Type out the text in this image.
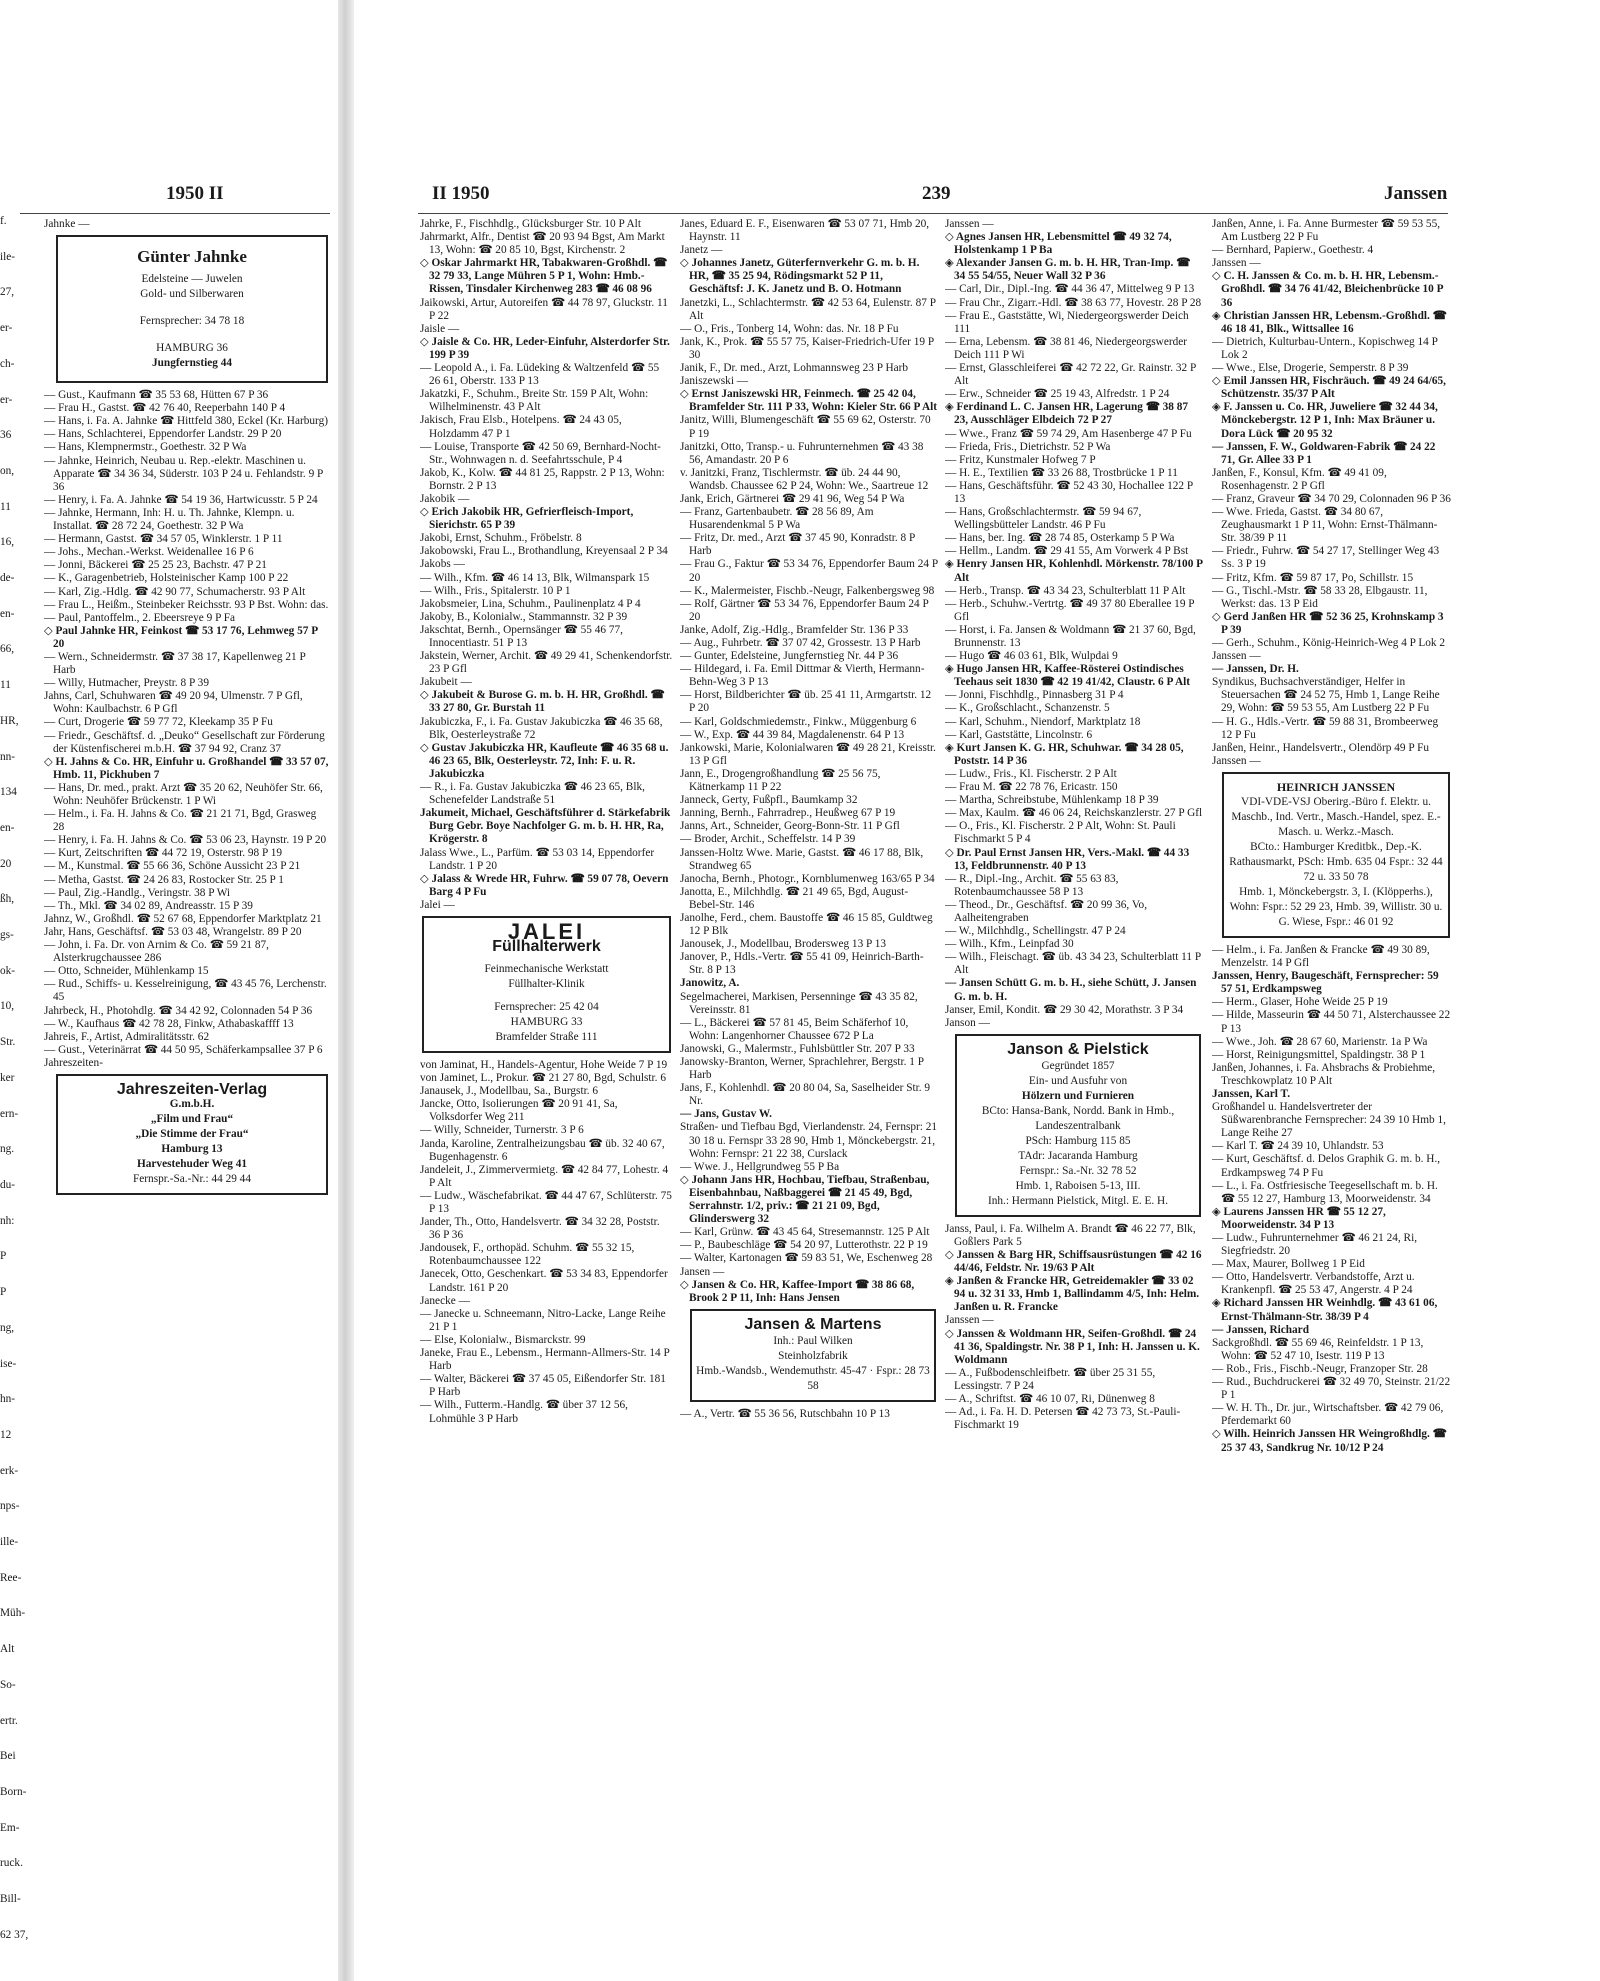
f.
ile-
27,
er-
ch-
er-
36
on,
11
16,
de-
en-
66,
11
HR,
nn-
134
en-
20
ßh,
gs-
ok-
10,
Str.
ker
ern-
ng.
du-
nh:
P
P
ng,
ise-
hn-
12
erk-
nps-
ille-
Ree-
Müh-
Alt
So-
ertr.
Bei
Born-
Em-
ruck.
Bill-
62 37,
1950 II
Jahnke —
Günter Jahnke
Edelsteine — Juwelen
Gold- und Silberwaren
Fernsprecher: 34 78 18
HAMBURG 36
Jungfernstieg 44
— Gust., Kaufmann ☎ 35 53 68, Hütten 67 P 36
— Frau H., Gastst. ☎ 42 76 40, Reeperbahn 140 P 4
— Hans, i. Fa. A. Jahnke ☎ Hittfeld 380, Eckel (Kr. Harburg)
— Hans, Schlachterei, Eppendorfer Landstr. 29 P 20
— Hans, Klempnermstr., Goethestr. 32 P Wa
— Jahnke, Heinrich, Neubau u. Rep.-elektr. Maschinen u. Apparate ☎ 34 36 34, Süderstr. 103 P 24 u. Fehlandstr. 9 P 36
— Henry, i. Fa. A. Jahnke ☎ 54 19 36, Hartwicusstr. 5 P 24
— Jahnke, Hermann, Inh: H. u. Th. Jahnke, Klempn. u. Installat. ☎ 28 72 24, Goethestr. 32 P Wa
— Hermann, Gastst. ☎ 34 57 05, Winklerstr. 1 P 11
— Johs., Mechan.-Werkst. Weidenallee 16 P 6
— Jonni, Bäckerei ☎ 25 25 23, Bachstr. 47 P 21
— K., Garagenbetrieb, Holsteinischer Kamp 100 P 22
— Karl, Zig.-Hdlg. ☎ 42 90 77, Schumacherstr. 93 P Alt
— Frau L., Heißm., Steinbeker Reichsstr. 93 P Bst. Wohn: das.
— Paul, Pantoffelm., 2. Ebeersreye 9 P Fa
◇ Paul Jahnke HR, Feinkost ☎ 53 17 76, Lehmweg 57 P 20
— Wern., Schneidermstr. ☎ 37 38 17, Kapellenweg 21 P Harb
— Willy, Hutmacher, Preystr. 8 P 39
Jahns, Carl, Schuhwaren ☎ 49 20 94, Ulmenstr. 7 P Gfl, Wohn: Kaulbachstr. 6 P Gfl
— Curt, Drogerie ☎ 59 77 72, Kleekamp 35 P Fu
— Friedr., Geschäftsf. d. „Deuko“ Gesellschaft zur Förderung der Küstenfischerei m.b.H. ☎ 37 94 92, Cranz 37
◇ H. Jahns & Co. HR, Einfuhr u. Großhandel ☎ 33 57 07, Hmb. 11, Pickhuben 7
— Hans, Dr. med., prakt. Arzt ☎ 35 20 62, Neuhöfer Str. 66, Wohn: Neuhöfer Brückenstr. 1 P Wi
— Helm., i. Fa. H. Jahns & Co. ☎ 21 21 71, Bgd, Grasweg 28
— Henry, i. Fa. H. Jahns & Co. ☎ 53 06 23, Haynstr. 19 P 20
— Kurt, Zeitschriften ☎ 44 72 19, Osterstr. 98 P 19
— M., Kunstmal. ☎ 55 66 36, Schöne Aussicht 23 P 21
— Metha, Gastst. ☎ 24 26 83, Rostocker Str. 25 P 1
— Paul, Zig.-Handlg., Veringstr. 38 P Wi
— Th., Mkl. ☎ 34 02 89, Andreasstr. 15 P 39
Jahnz, W., Großhdl. ☎ 52 67 68, Eppendorfer Marktplatz 21
Jahr, Hans, Geschäftsf. ☎ 53 03 48, Wrangelstr. 89 P 20
— John, i. Fa. Dr. von Arnim & Co. ☎ 59 21 87, Alsterkrugchaussee 286
— Otto, Schneider, Mühlenkamp 15
— Rud., Schiffs- u. Kesselreinigung, ☎ 43 45 76, Lerchenstr. 45
Jahrbeck, H., Photohdlg. ☎ 34 42 92, Colonnaden 54 P 36
— W., Kaufhaus ☎ 42 78 28, Finkw, Athabaskaffff 13
Jahreis, F., Artist, Admiralitätsstr. 62
— Gust., Veterinärrat ☎ 44 50 95, Schäferkampsallee 37 P 6
Jahreszeiten-
Jahreszeiten-Verlag
G.m.b.H.
„Film und Frau“
„Die Stimme der Frau“
Hamburg 13
Harvestehuder Weg 41
Fernspr.-Sa.-Nr.: 44 29 44
II 1950	239	Janssen
Jahrke, F., Fischhdlg., Glücksburger Str. 10 P Alt
Jahrmarkt, Alfr., Dentist ☎ 20 93 94 Bgst, Am Markt 13, Wohn: ☎ 20 85 10, Bgst, Kirchenstr. 2
◇ Oskar Jahrmarkt HR, Tabakwaren-Großhdl. ☎ 32 79 33, Lange Mühren 5 P 1, Wohn: Hmb.-Rissen, Tinsdaler Kirchenweg 283 ☎ 46 08 96
Jaikowski, Artur, Autoreifen ☎ 44 78 97, Gluckstr. 11 P 22
Jaisle —
◇ Jaisle & Co. HR, Leder-Einfuhr, Alsterdorfer Str. 199 P 39
— Leopold A., i. Fa. Lüdeking & Waltzenfeld ☎ 55 26 61, Oberstr. 133 P 13
Jakatzki, F., Schuhm., Breite Str. 159 P Alt, Wohn: Wilhelminenstr. 43 P Alt
Jakisch, Frau Elsb., Hotelpens. ☎ 24 43 05, Holzdamm 47 P 1
— Louise, Transporte ☎ 42 50 69, Bernhard-Nocht-Str., Wohnwagen n. d. Seefahrtsschule, P 4
Jakob, K., Kolw. ☎ 44 81 25, Rappstr. 2 P 13, Wohn: Bornstr. 2 P 13
Jakobik —
◇ Erich Jakobik HR, Gefrierfleisch-Import, Sierichstr. 65 P 39
Jakobi, Ernst, Schuhm., Fröbelstr. 8
Jakobowski, Frau L., Brothandlung, Kreyensaal 2 P 34
Jakobs —
— Wilh., Kfm. ☎ 46 14 13, Blk, Wilmanspark 15
— Wilh., Fris., Spitalerstr. 10 P 1
Jakobsmeier, Lina, Schuhm., Paulinenplatz 4 P 4
Jakoby, B., Kolonialw., Stammannstr. 32 P 39
Jakschtat, Bernh., Opernsänger ☎ 55 46 77, Innocentiastr. 51 P 13
Jakstein, Werner, Archit. ☎ 49 29 41, Schenkendorfstr. 23 P Gfl
Jakubeit —
◇ Jakubeit & Burose G. m. b. H. HR, Großhdl. ☎ 33 27 80, Gr. Burstah 11
Jakubiczka, F., i. Fa. Gustav Jakubiczka ☎ 46 35 68, Blk, Oesterleystraße 72
◇ Gustav Jakubiczka HR, Kaufleute ☎ 46 35 68 u. 46 23 65, Blk, Oesterleystr. 72, Inh: F. u. R. Jakubiczka
— R., i. Fa. Gustav Jakubiczka ☎ 46 23 65, Blk, Schenefelder Landstraße 51
Jakumeit, Michael, Geschäftsführer d. Stärkefabrik Burg Gebr. Boye Nachfolger G. m. b. H. HR, Ra, Krögerstr. 8
Jalass Wwe., L., Parfüm. ☎ 53 03 14, Eppendorfer Landstr. 1 P 20
◇ Jalass & Wrede HR, Fuhrw. ☎ 59 07 78, Oevern Barg 4 P Fu
Jalei —
JALEI
Füllhalterwerk
Feinmechanische Werkstatt
Füllhalter-Klinik
Fernsprecher: 25 42 04
HAMBURG 33
Bramfelder Straße 111
von Jaminat, H., Handels-Agentur, Hohe Weide 7 P 19
von Jaminet, L., Prokur. ☎ 21 27 80, Bgd, Schulstr. 6
Janausek, J., Modellbau, Sa., Burgstr. 6
Jancke, Otto, Isolierungen ☎ 20 91 41, Sa, Volksdorfer Weg 211
— Willy, Schneider, Turnerstr. 3 P 6
Janda, Karoline, Zentralheizungsbau ☎ üb. 32 40 67, Bugenhagenstr. 6
Jandeleit, J., Zimmervermietg. ☎ 42 84 77, Lohestr. 4 P Alt
— Ludw., Wäschefabrikat. ☎ 44 47 67, Schlüterstr. 75 P 13
Jander, Th., Otto, Handelsvertr. ☎ 34 32 28, Poststr. 36 P 36
Jandousek, F., orthopäd. Schuhm. ☎ 55 32 15, Rotenbaumchaussee 122
Janecek, Otto, Geschenkart. ☎ 53 34 83, Eppendorfer Landstr. 161 P 20
Janecke —
— Janecke u. Schneemann, Nitro-Lacke, Lange Reihe 21 P 1
— Else, Kolonialw., Bismarckstr. 99
Janeke, Frau E., Lebensm., Hermann-Allmers-Str. 14 P Harb
— Walter, Bäckerei ☎ 37 45 05, Eißendorfer Str. 181 P Harb
— Wilh., Futterm.-Handlg. ☎ über 37 12 56, Lohmühle 3 P Harb
Janes, Eduard E. F., Eisenwaren ☎ 53 07 71, Hmb 20, Haynstr. 11
Janetz —
◇ Johannes Janetz, Güterfernverkehr G. m. b. H. HR, ☎ 35 25 94, Rödingsmarkt 52 P 11, Geschäftsf: J. K. Janetz und B. O. Hotmann
Janetzki, L., Schlachtermstr. ☎ 42 53 64, Eulenstr. 87 P Alt
— O., Fris., Tonberg 14, Wohn: das. Nr. 18 P Fu
Jank, K., Prok. ☎ 55 57 75, Kaiser-Friedrich-Ufer 19 P 30
Janik, F., Dr. med., Arzt, Lohmannsweg 23 P Harb
Janiszewski —
◇ Ernst Janiszewski HR, Feinmech. ☎ 25 42 04, Bramfelder Str. 111 P 33, Wohn: Kieler Str. 66 P Alt
Janitz, Willi, Blumengeschäft ☎ 55 69 62, Osterstr. 70 P 19
Janitzki, Otto, Transp.- u. Fuhrunternehmen ☎ 43 38 56, Amandastr. 20 P 6
v. Janitzki, Franz, Tischlermstr. ☎ üb. 24 44 90, Wandsb. Chaussee 62 P 24, Wohn: We., Saartreue 12
Jank, Erich, Gärtnerei ☎ 29 41 96, Weg 54 P Wa
— Franz, Gartenbaubetr. ☎ 28 56 89, Am Husarendenkmal 5 P Wa
— Fritz, Dr. med., Arzt ☎ 37 45 90, Konradstr. 8 P Harb
— Frau G., Faktur ☎ 53 34 76, Eppendorfer Baum 24 P 20
— K., Malermeister, Fischb.-Neugr, Falkenbergsweg 98
— Rolf, Gärtner ☎ 53 34 76, Eppendorfer Baum 24 P 20
Janke, Adolf, Zig.-Hdlg., Bramfelder Str. 136 P 33
— Aug., Fuhrbetr. ☎ 37 07 42, Grossestr. 13 P Harb
— Gunter, Edelsteine, Jungfernstieg Nr. 44 P 36
— Hildegard, i. Fa. Emil Dittmar & Vierth, Hermann-Behn-Weg 3 P 13
— Horst, Bildberichter ☎ üb. 25 41 11, Armgartstr. 12 P 20
— Karl, Goldschmiedemstr., Finkw., Müggenburg 6
— W., Exp. ☎ 44 39 84, Magdalenenstr. 64 P 13
Jankowski, Marie, Kolonialwaren ☎ 49 28 21, Kreisstr. 13 P Gfl
Jann, E., Drogengroßhandlung ☎ 25 56 75, Kätnerkamp 11 P 22
Janneck, Gerty, Fußpfl., Baumkamp 32
Janning, Bernh., Fahrradrep., Heußweg 67 P 19
Janns, Art., Schneider, Georg-Bonn-Str. 11 P Gfl
— Broder, Archit., Scheffelstr. 14 P 39
Janssen-Holtz Wwe. Marie, Gastst. ☎ 46 17 88, Blk, Strandweg 65
Janocha, Bernh., Photogr., Kornblumenweg 163/65 P 34
Janotta, E., Milchhdlg. ☎ 21 49 65, Bgd, August-Bebel-Str. 146
Janolhe, Ferd., chem. Baustoffe ☎ 46 15 85, Guldtweg 12 P Blk
Janousek, J., Modellbau, Brodersweg 13 P 13
Janover, P., Hdls.-Vertr. ☎ 55 41 09, Heinrich-Barth-Str. 8 P 13
Janowitz, A.
Segelmacherei, Markisen, Persenninge ☎ 43 35 82, Vereinsstr. 81
— L., Bäckerei ☎ 57 81 45, Beim Schäferhof 10, Wohn: Langenhorner Chaussee 672 P La
Janowski, G., Malermstr., Fuhlsbüttler Str. 207 P 33
Janowsky-Branton, Werner, Sprachlehrer, Bergstr. 1 P Harb
Jans, F., Kohlenhdl. ☎ 20 80 04, Sa, Saselheider Str. 9 Nr.
— Jans, Gustav W.
Straßen- und Tiefbau Bgd, Vierlandenstr. 24, Fernspr: 21 30 18 u. Fernspr 33 28 90, Hmb 1, Mönckebergstr. 21, Wohn: Fernspr: 21 22 38, Curslack
— Wwe. J., Hellgrundweg 55 P Ba
◇ Johann Jans HR, Hochbau, Tiefbau, Straßenbau, Eisenbahnbau, Naßbaggerei ☎ 21 45 49, Bgd, Serrahnstr. 1/2, priv.: ☎ 21 21 09, Bgd, Glinderswerg 32
— Karl, Grünw. ☎ 43 45 64, Stresemannstr. 125 P Alt
— P., Baubeschläge ☎ 54 20 97, Lutterothstr. 22 P 19
— Walter, Kartonagen ☎ 59 83 51, We, Eschenweg 28
Jansen —
◇ Jansen & Co. HR, Kaffee-Import ☎ 38 86 68, Brook 2 P 11, Inh: Hans Jensen
Jansen & Martens
Inh.: Paul Wilken
Steinholzfabrik
Hmb.-Wandsb., Wendemuthstr. 45-47 · Fspr.: 28 73 58
— A., Vertr. ☎ 55 36 56, Rutschbahn 10 P 13
Janssen —
◇ Agnes Jansen HR, Lebensmittel ☎ 49 32 74, Holstenkamp 1 P Ba
◈ Alexander Jansen G. m. b. H. HR, Tran-Imp. ☎ 34 55 54/55, Neuer Wall 32 P 36
— Carl, Dir., Dipl.-Ing. ☎ 44 36 47, Mittelweg 9 P 13
— Frau Chr., Zigarr.-Hdl. ☎ 38 63 77, Hovestr. 28 P 28
— Frau E., Gaststätte, Wi, Niedergeorgswerder Deich 111
— Erna, Lebensm. ☎ 38 81 46, Niedergeorgswerder Deich 111 P Wi
— Ernst, Glasschleiferei ☎ 42 72 22, Gr. Rainstr. 32 P Alt
— Erw., Schneider ☎ 25 19 43, Alfredstr. 1 P 24
◈ Ferdinand L. C. Jansen HR, Lagerung ☎ 38 87 23, Ausschläger Elbdeich 72 P 27
— Wwe., Franz ☎ 59 74 29, Am Hasenberge 47 P Fu
— Frieda, Fris., Dietrichstr. 52 P Wa
— Fritz, Kunstmaler Hofweg 7 P
— H. E., Textilien ☎ 33 26 88, Trostbrücke 1 P 11
— Hans, Geschäftsführ. ☎ 52 43 30, Hochallee 122 P 13
— Hans, Großschlachtermstr. ☎ 59 94 67, Wellingsbütteler Landstr. 46 P Fu
— Hans, ber. Ing. ☎ 28 74 85, Osterkamp 5 P Wa
— Hellm., Landm. ☎ 29 41 55, Am Vorwerk 4 P Bst
◈ Henry Jansen HR, Kohlenhdl. Mörkenstr. 78/100 P Alt
— Herb., Transp. ☎ 43 34 23, Schulterblatt 11 P Alt
— Herb., Schuhw.-Vertrtg. ☎ 49 37 80 Eberallee 19 P Gfl
— Horst, i. Fa. Jansen & Woldmann ☎ 21 37 60, Bgd, Brunnenstr. 13
— Hugo ☎ 46 03 61, Blk, Wulpdai 9
◈ Hugo Jansen HR, Kaffee-Rösterei Ostindisches Teehaus seit 1830 ☎ 42 19 41/42, Claustr. 6 P Alt
— Jonni, Fischhdlg., Pinnasberg 31 P 4
— K., Großschlacht., Schanzenstr. 5
— Karl, Schuhm., Niendorf, Marktplatz 18
— Karl, Gaststätte, Lincolnstr. 6
◈ Kurt Jansen K. G. HR, Schuhwar. ☎ 34 28 05, Poststr. 14 P 36
— Ludw., Fris., Kl. Fischerstr. 2 P Alt
— Frau M. ☎ 22 78 76, Ericastr. 150
— Martha, Schreibstube, Mühlenkamp 18 P 39
— Max, Kaulm. ☎ 46 06 24, Reichskanzlerstr. 27 P Gfl
— O., Fris., Kl. Fischerstr. 2 P Alt, Wohn: St. Pauli Fischmarkt 5 P 4
◇ Dr. Paul Ernst Jansen HR, Vers.-Makl. ☎ 44 33 13, Feldbrunnenstr. 40 P 13
— R., Dipl.-Ing., Archit. ☎ 55 63 83, Rotenbaumchaussee 58 P 13
— Theod., Dr., Geschäftsf. ☎ 20 99 36, Vo, Aalheitengraben
— W., Milchhdlg., Schellingstr. 47 P 24
— Wilh., Kfm., Leinpfad 30
— Wilh., Fleischagt. ☎ üb. 43 34 23, Schulterblatt 11 P Alt
— Jansen Schütt G. m. b. H., siehe Schütt, J. Jansen G. m. b. H.
Janser, Emil, Kondit. ☎ 29 30 42, Morathstr. 3 P 34
Janson —
Janson & Pielstick
Gegründet 1857
Ein- und Ausfuhr von
Hölzern und Furnieren
BCto: Hansa-Bank, Nordd. Bank in Hmb., Landeszentralbank
PSch: Hamburg 115 85
TAdr: Jacaranda Hamburg
Fernspr.: Sa.-Nr. 32 78 52
Hmb. 1, Raboisen 5-13, III.
Inh.: Hermann Pielstick, Mitgl. E. E. H.
Janss, Paul, i. Fa. Wilhelm A. Brandt ☎ 46 22 77, Blk, Goßlers Park 5
◇ Janssen & Barg HR, Schiffsausrüstungen ☎ 42 16 44/46, Feldstr. Nr. 19/63 P Alt
◈ Janßen & Francke HR, Getreidemakler ☎ 33 02 94 u. 32 31 33, Hmb 1, Ballindamm 4/5, Inh: Helm. Janßen u. R. Francke
Janssen —
◇ Janssen & Woldmann HR, Seifen-Großhdl. ☎ 24 41 36, Spaldingstr. Nr. 38 P 1, Inh: H. Janssen u. K. Woldmann
— A., Fußbodenschleifbetr. ☎ über 25 31 55, Lessingstr. 7 P 24
— A., Schriftst. ☎ 46 10 07, Ri, Dünenweg 8
— Ad., i. Fa. H. D. Petersen ☎ 42 73 73, St.-Pauli-Fischmarkt 19
Janßen, Anne, i. Fa. Anne Burmester ☎ 59 53 55, Am Lustberg 22 P Fu
— Bernhard, Papierw., Goethestr. 4
Janssen —
◇ C. H. Janssen & Co. m. b. H. HR, Lebensm.-Großhdl. ☎ 34 76 41/42, Bleichenbrücke 10 P 36
◈ Christian Janssen HR, Lebensm.-Großhdl. ☎ 46 18 41, Blk., Wittsallee 16
— Dietrich, Kulturbau-Untern., Kopischweg 14 P Lok 2
— Wwe., Else, Drogerie, Semperstr. 8 P 39
◇ Emil Janssen HR, Fischräuch. ☎ 49 24 64/65, Schützenstr. 35/37 P Alt
◈ F. Janssen u. Co. HR, Juweliere ☎ 32 44 34, Mönckebergstr. 12 P 1, Inh: Max Bräuner u. Dora Lück ☎ 20 95 32
— Janssen, F. W., Goldwaren-Fabrik ☎ 24 22 71, Gr. Allee 33 P 1
Janßen, F., Konsul, Kfm. ☎ 49 41 09, Rosenhagenstr. 2 P Gfl
— Franz, Graveur ☎ 34 70 29, Colonnaden 96 P 36
— Wwe. Frieda, Gastst. ☎ 34 80 67, Zeughausmarkt 1 P 11, Wohn: Ernst-Thälmann-Str. 38/39 P 11
— Friedr., Fuhrw. ☎ 54 27 17, Stellinger Weg 43 Ss. 3 P 19
— Fritz, Kfm. ☎ 59 87 17, Po, Schillstr. 15
— G., Tischl.-Mstr. ☎ 58 33 28, Elbgaustr. 11, Werkst: das. 13 P Eid
◇ Gerd Janßen HR ☎ 52 36 25, Krohnskamp 3 P 39
— Gerh., Schuhm., König-Heinrich-Weg 4 P Lok 2
Janssen —
— Janssen, Dr. H.
Syndikus, Buchsachverständiger, Helfer in Steuersachen ☎ 24 52 75, Hmb 1, Lange Reihe 29, Wohn: ☎ 59 53 55, Am Lustberg 22 P Fu
— H. G., Hdls.-Vertr. ☎ 59 88 31, Brombeerweg 12 P Fu
Janßen, Heinr., Handelsvertr., Olendörp 49 P Fu
Janssen —
HEINRICH JANSSEN
VDI-VDE-VSJ Oberirg.-Büro f. Elektr. u. Maschb., Ind. Vertr., Masch.-Handel, spez. E.-Masch. u. Werkz.-Masch.
BCto.: Hamburger Kreditbk., Dep.-K. Rathausmarkt, PSch: Hmb. 635 04 Fspr.: 32 44 72 u. 33 50 78
Hmb. 1, Mönckebergstr. 3, I. (Klöpperhs.), Wohn: Fspr.: 52 29 23, Hmb. 39, Willistr. 30 u. G. Wiese, Fspr.: 46 01 92
— Helm., i. Fa. Janßen & Francke ☎ 49 30 89, Menzelstr. 14 P Gfl
Janssen, Henry, Baugeschäft, Fernsprecher: 59 57 51, Erdkampsweg
— Herm., Glaser, Hohe Weide 25 P 19
— Hilde, Masseurin ☎ 44 50 71, Alsterchaussee 22 P 13
— Wwe., Joh. ☎ 28 67 60, Marienstr. 1a P Wa
— Horst, Reinigungsmittel, Spaldingstr. 38 P 1
Janßen, Johannes, i. Fa. Ahsbrachs & Probiehme, Treschkowplatz 10 P Alt
Janssen, Karl T.
Großhandel u. Handelsvertreter der Süßwarenbranche Fernsprecher: 24 39 10 Hmb 1, Lange Reihe 27
— Karl T. ☎ 24 39 10, Uhlandstr. 53
— Kurt, Geschäftsf. d. Delos Graphik G. m. b. H., Erdkampsweg 74 P Fu
— L., i. Fa. Ostfriesische Teegesellschaft m. b. H. ☎ 55 12 27, Hamburg 13, Moorweidenstr. 34
◈ Laurens Janssen HR ☎ 55 12 27, Moorweidenstr. 34 P 13
— Ludw., Fuhrunternehmer ☎ 46 21 24, Ri, Siegfriedstr. 20
— Max, Maurer, Bollweg 1 P Eid
— Otto, Handelsvertr. Verbandstoffe, Arzt u. Krankenpfl. ☎ 25 53 47, Angerstr. 4 P 24
◈ Richard Janssen HR Weinhdlg. ☎ 43 61 06, Ernst-Thälmann-Str. 38/39 P 4
— Janssen, Richard
Sackgroßhdl. ☎ 55 69 46, Reinfeldstr. 1 P 13, Wohn: ☎ 52 47 10, Isestr. 119 P 13
— Rob., Fris., Fischb.-Neugr, Franzoper Str. 28
— Rud., Buchdruckerei ☎ 32 49 70, Steinstr. 21/22 P 1
— W. H. Th., Dr. jur., Wirtschaftsber. ☎ 42 79 06, Pferdemarkt 60
◇ Wilh. Heinrich Janssen HR Weingroßhdlg. ☎ 25 37 43, Sandkrug Nr. 10/12 P 24
